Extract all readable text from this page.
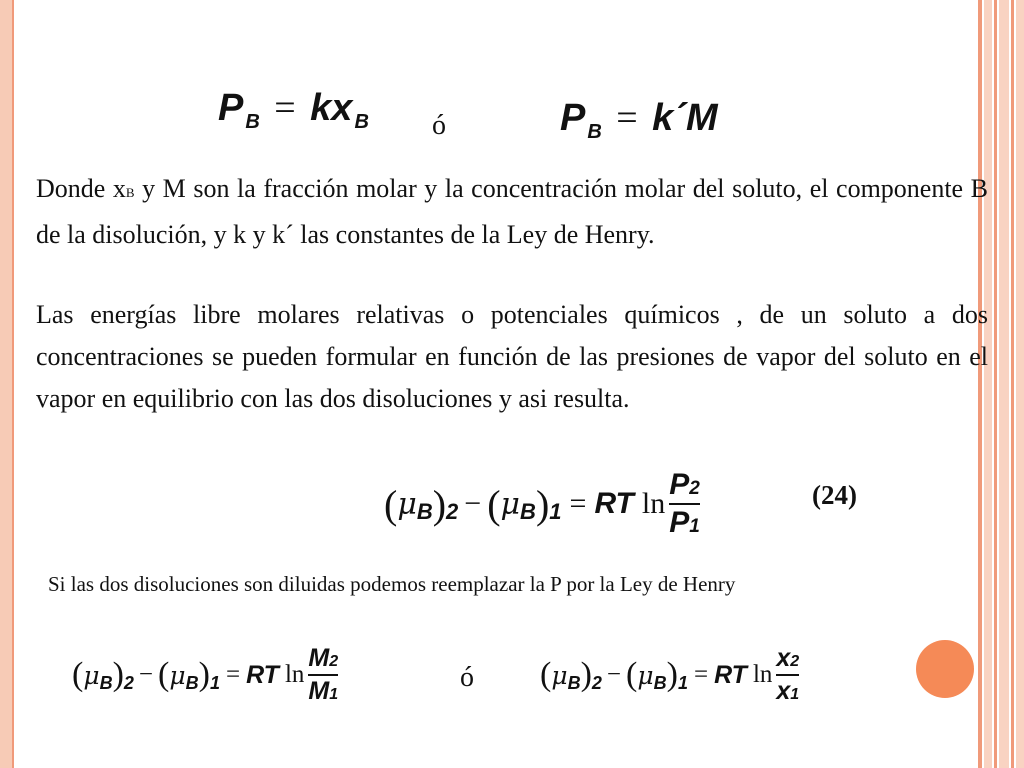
P B = kx B ó	P B = k´M
Donde xB y M son la fracción molar y la concentración molar del soluto, el componente B de la disolución, y k y k´ las constantes de la Ley de Henry.
Las energías libre molares relativas o potenciales químicos , de un soluto a dos concentraciones se pueden formular en función de las presiones de vapor del soluto en el vapor en equilibrio con las dos disoluciones y asi resulta.
( μ B ) 2 − ( μ B ) 1 = RT $\ln \frac{P2}{P1}$	(24)
Si las dos disoluciones son diluidas podemos reemplazar la P por la Ley de Henry
( μ B ) 2 − ( μ B ) 1 = RT $\ln \frac{M2}{M1}$	ó ( μ B ) 2 − ( μ B ) 1 = RT $\ln \frac{x2}{x1}$
